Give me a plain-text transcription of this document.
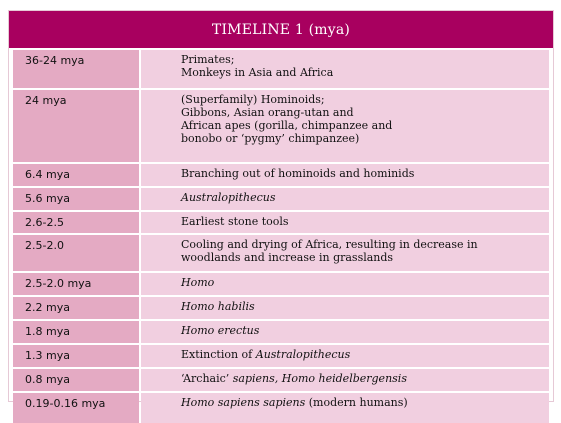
TIMELINE 1 (mya)
36-24 mya	Primates;
Monkeys in Asia and Africa
24 mya	(Superfamily) Hominoids;
Gibbons, Asian orang-utan and
African apes (gorilla, chimpanzee and
bonobo or ‘pygmy’ chimpanzee)
6.4 mya	Branching out of hominoids and hominids
5.6 mya	Australopithecus
2.6-2.5	Earliest stone tools
2.5-2.0	Cooling and drying of Africa, resulting in decrease in
woodlands and increase in grasslands
2.5-2.0 mya	Homo
2.2 mya	Homo habilis
1.8 mya	Homo erectus
1.3 mya	Extinction of Australopithecus
0.8 mya	‘Archaic’ sapiens, Homo heidelbergensis
0.19-0.16 mya	Homo sapiens sapiens (modern humans)
